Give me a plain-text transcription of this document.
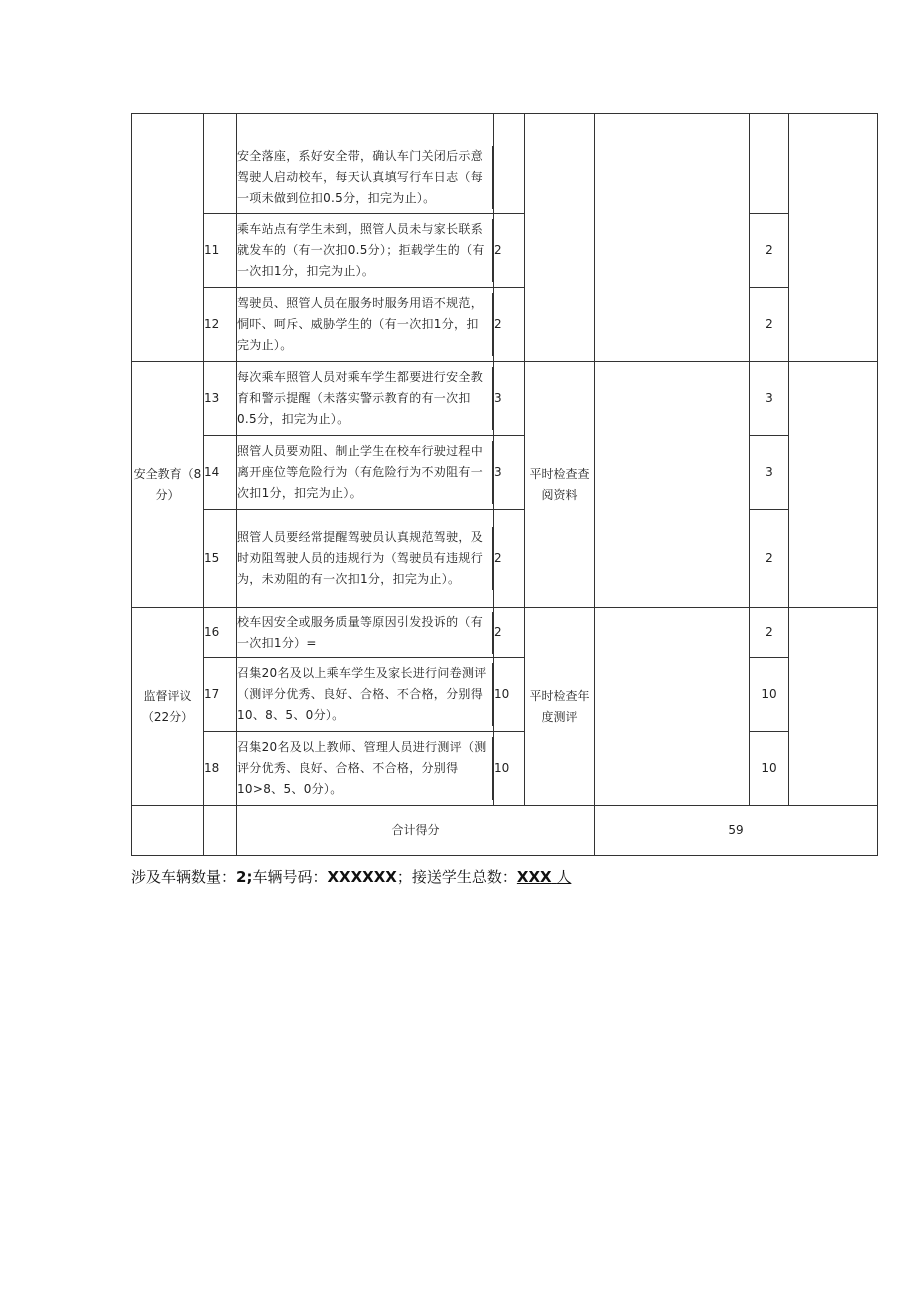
		安全落座，系好安全带，确认车门关闭后示意驾驶人启动校车，每天认真填写行车日志（每一项未做到位扣0.5分，扣完为止）。					

	11	乘车站点有学生未到，照管人员未与家长联系就发车的（有一次扣0.5分）；拒载学生的（有一次扣1分，扣完为止）。	2			2	
	12	驾驶员、照管人员在服务时服务用语不规范，恫吓、呵斥、威胁学生的（有一次扣1分，扣完为止）。	2			2	
安全教育（8分）	13	每次乘车照管人员对乘车学生都要进行安全教育和警示提醒（未落实警示教育的有一次扣0.5分，扣完为止）。	3	平时检查查阅资料		3	
	14	照管人员要劝阻、制止学生在校车行驶过程中离开座位等危险行为（有危险行为不劝阻有一次扣1分，扣完为止）。	3			3	
	15	照管人员要经常提醒驾驶员认真规范驾驶，及时劝阻驾驶人员的违规行为（驾驶员有违规行为，未劝阻的有一次扣1分，扣完为止）。	2			2	
监督评议（22分）	16	校车因安全或服务质量等原因引发投诉的（有一次扣1分）=	2	平时检查年度测评		2	
	17	召集20名及以上乘车学生及家长进行问卷测评（测评分优秀、良好、合格、不合格，分别得10、8、5、0分）。	10			10	
	18	召集20名及以上教师、管理人员进行测评（测评分优秀、良好、合格、不合格，分别得10>8、5、0分）。	10			10	
		合计得分			59		
涉及车辆数量：2;车辆号码：XXXXXX；接送学生总数：XXX 人
